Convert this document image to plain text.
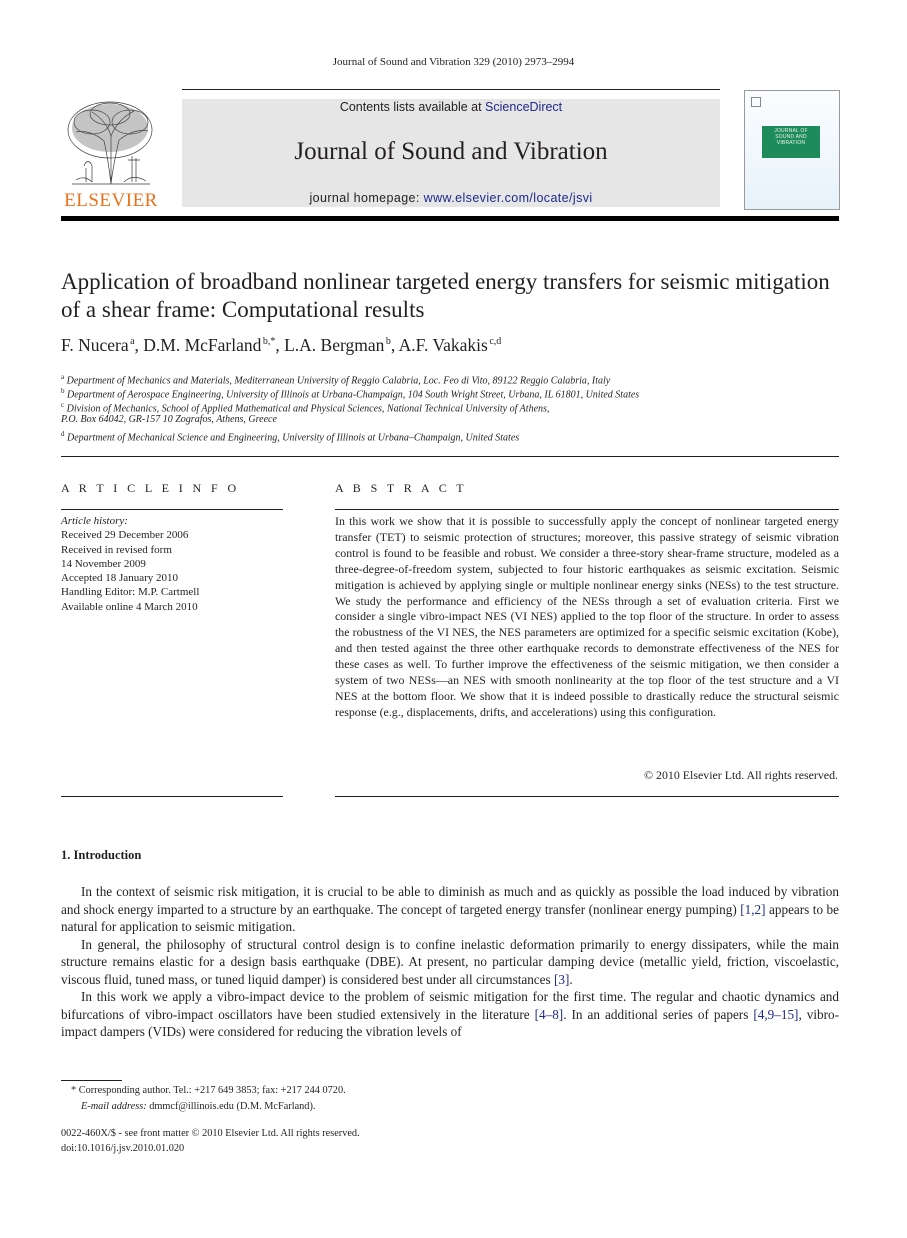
Journal of Sound and Vibration 329 (2010) 2973–2994
ELSEVIER
Contents lists available at ScienceDirect
Journal of Sound and Vibration
journal homepage: www.elsevier.com/locate/jsvi
JOURNAL OF SOUND AND VIBRATION
Application of broadband nonlinear targeted energy transfers for seismic mitigation of a shear frame: Computational results
F. Nucera $^a$, D.M. McFarland $^{b,*}$, L.A. Bergman $^b$, A.F. Vakakis $^{c,d}$
$^a$ Department of Mechanics and Materials, Mediterranean University of Reggio Calabria, Loc. Feo di Vito, 89122 Reggio Calabria, Italy
$^b$ Department of Aerospace Engineering, University of Illinois at Urbana-Champaign, 104 South Wright Street, Urbana, IL 61801, United States
$^c$ Division of Mechanics, School of Applied Mathematical and Physical Sciences, National Technical University of Athens,
P.O. Box 64042, GR-157 10 Zografos, Athens, Greece
$^d$ Department of Mechanical Science and Engineering, University of Illinois at Urbana–Champaign, United States
A R T I C L E I N F O	A B S T R A C T
Article history:
Received 29 December 2006
Received in revised form
14 November 2009
Accepted 18 January 2010
Handling Editor: M.P. Cartmell
Available online 4 March 2010
In this work we show that it is possible to successfully apply the concept of nonlinear targeted energy transfer (TET) to seismic protection of structures; moreover, this passive strategy of seismic vibration control is found to be feasible and robust. We consider a three-story shear-frame structure, modeled as a three-degree-of-freedom system, subjected to four historic earthquakes as seismic excitation. Seismic mitigation is achieved by applying single or multiple nonlinear energy sinks (NESs) to the test structure. We study the performance and efficiency of the NESs through a set of evaluation criteria. First we consider a single vibro-impact NES (VI NES) applied to the top floor of the structure. In order to assess the robustness of the VI NES, the NES parameters are optimized for a specific seismic excitation (Kobe), and then tested against the three other earthquake records to demonstrate effectiveness of the NES for these cases as well. To further improve the effectiveness of the seismic mitigation, we then consider a system of two NESs—an NES with smooth nonlinearity at the top floor of the test structure and a VI NES at the bottom floor. We show that it is indeed possible to drastically reduce the structural seismic response (e.g., displacements, drifts, and accelerations) using this configuration.
© 2010 Elsevier Ltd. All rights reserved.
1. Introduction

In the context of seismic risk mitigation, it is crucial to be able to diminish as much and as quickly as possible the load induced by vibration and shock energy imparted to a structure by an earthquake. The concept of targeted energy transfer (nonlinear energy pumping) [1,2] appears to be natural for application to seismic mitigation.

In general, the philosophy of structural control design is to confine inelastic deformation primarily to energy dissipaters, while the main structure remains elastic for a design basis earthquake (DBE). At present, no particular damping device (metallic yield, friction, viscoelastic, viscous fluid, tuned mass, or tuned liquid damper) is considered best under all circumstances [3].

In this work we apply a vibro-impact device to the problem of seismic mitigation for the first time. The regular and chaotic dynamics and bifurcations of vibro-impact oscillators have been studied extensively in the literature [4–8]. In an additional series of papers [4,9–15], vibro-impact dampers (VIDs) were considered for reducing the vibration levels of

* Corresponding author. Tel.: +217 649 3853; fax: +217 244 0720.
E-mail address: dmmcf@illinois.edu (D.M. McFarland).
0022-460X/$ - see front matter © 2010 Elsevier Ltd. All rights reserved.
doi:10.1016/j.jsv.2010.01.020
